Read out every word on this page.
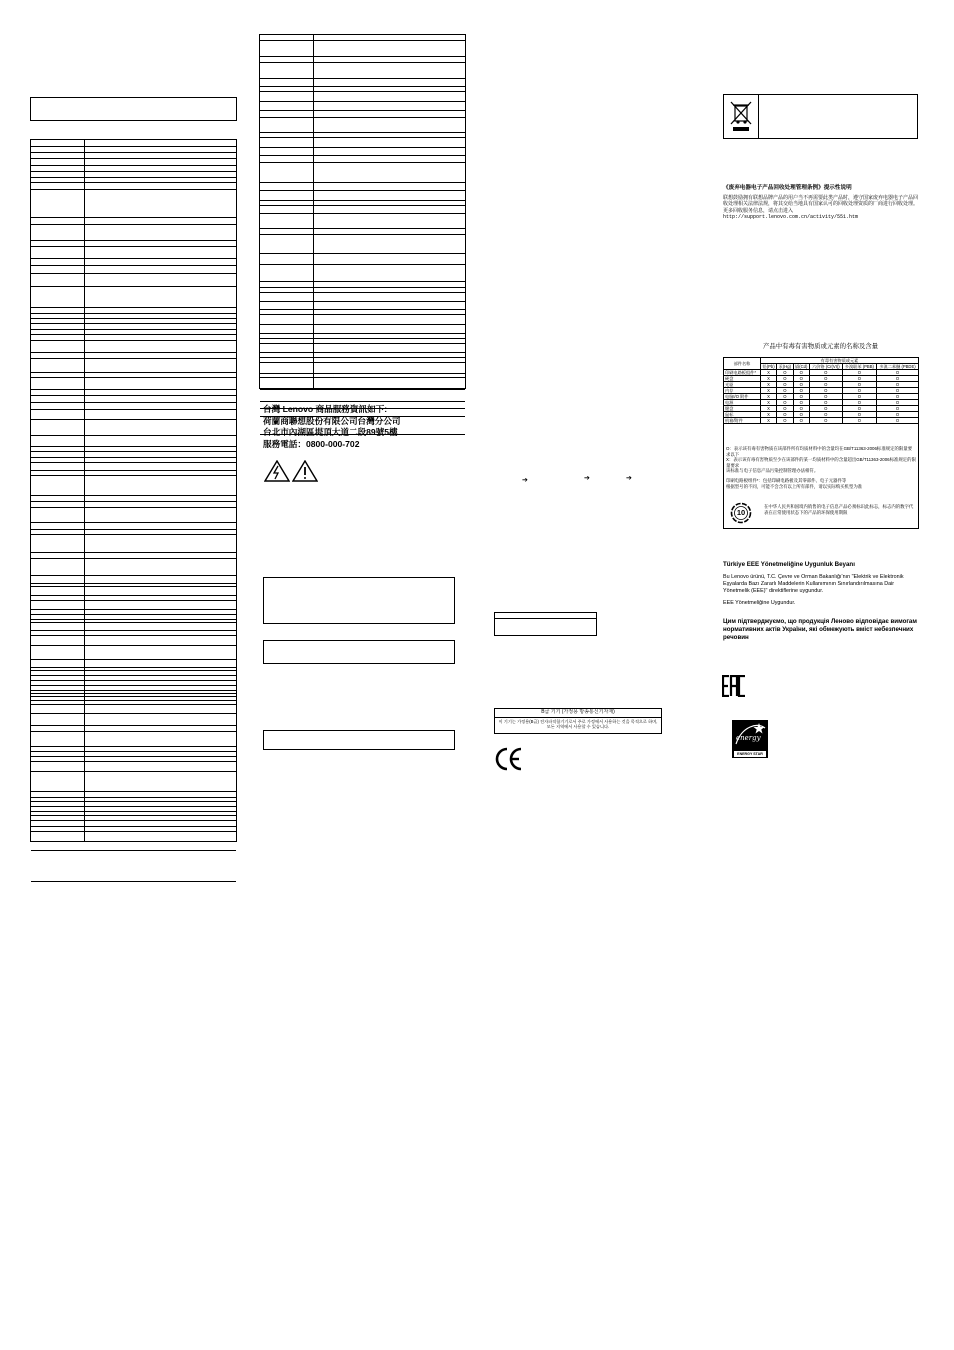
台灣 Lenovo 商品服務資訊如下:
荷蘭商聯想股份有限公司台灣分公司
台北市內湖區堤頂大道二段89號5樓
服務電話：0800-000-702
➔	➔	➔
B급 기기 (가정용 방송통신기자재)
이 기기는 가정용(B급) 전자파적합기기로서 주로 가정에서 사용하는 것을 목적으로 하며, 모든 지역에서 사용할 수 있습니다.
《废弃电器电子产品回收处理管理条例》提示性说明
联想鼓励拥有联想品牌产品的用户当不再需要此类产品时，遵守国家废弃电器电子产品回收处理相关法律法规，将其交给当地具有国家认可的回收处理资质的厂商进行回收处理。更多回收服务信息，请点击进入
http://support.lenovo.com.cn/activity/551.htm
产品中有毒有害物质或元素的名称及含量
部件名称	有毒有害物质或元素					
	铅(Pb)	汞(Hg)	镉(Cd)	六价铬 (Cr(VI))	多溴联苯 (PBB)	多溴二苯醚 (PBDE)
印刷电路板组件*	X	O	O	O	O	O
硬盘	X	O	O	O	O	O
光驱	X	O	O	O	O	O
内存	X	O	O	O	O	O
电脑I/O 附件	X	O	O	O	O	O
电源	X	O	O	O	O	O
键盘	X	O	O	O	O	O
鼠标	X	O	O	O	O	O
机箱/附件	X	O	O	O	O	O
O：表示该有毒有害物质在该部件所有均质材料中的含量均在GB/T11363-2006标准规定的限量要求以下
X：表示该有毒有害物质至少在该部件的某一均质材料中的含量超出GB/T11363-2006标准规定的限量要求
该标准与电子信息产品污染控制管理办法相符。
印刷电路板组件*：包括印刷电路板及其零部件、电子元器件等
根据型号的不同，可能不会含有以上所有部件，请以实际购买机型为准
10
在中华人民共和国境内销售的电子信息产品必须标识此标志，标志内的数字代表在正常使用状态下的产品的环保使用期限
Türkiye EEE Yönetmeliğine Uygunluk Beyanı
Bu Lenovo ürünü, T.C. Çevre ve Orman Bakanlığı'nın "Elektrik ve Elektronik Eşyalarda Bazı Zararlı Maddelerin Kullanımının Sınırlandırılmasına Dair Yönetmelik (EEE)" direktiflerine uygundur.
EEE Yönetmeliğine Uygundur.
Цим підтверджуємо, що продукція Леново відповідає вимогам нормативних актів України, які обмежують вміст небезпечних речовин
energy
ENERGY STAR
